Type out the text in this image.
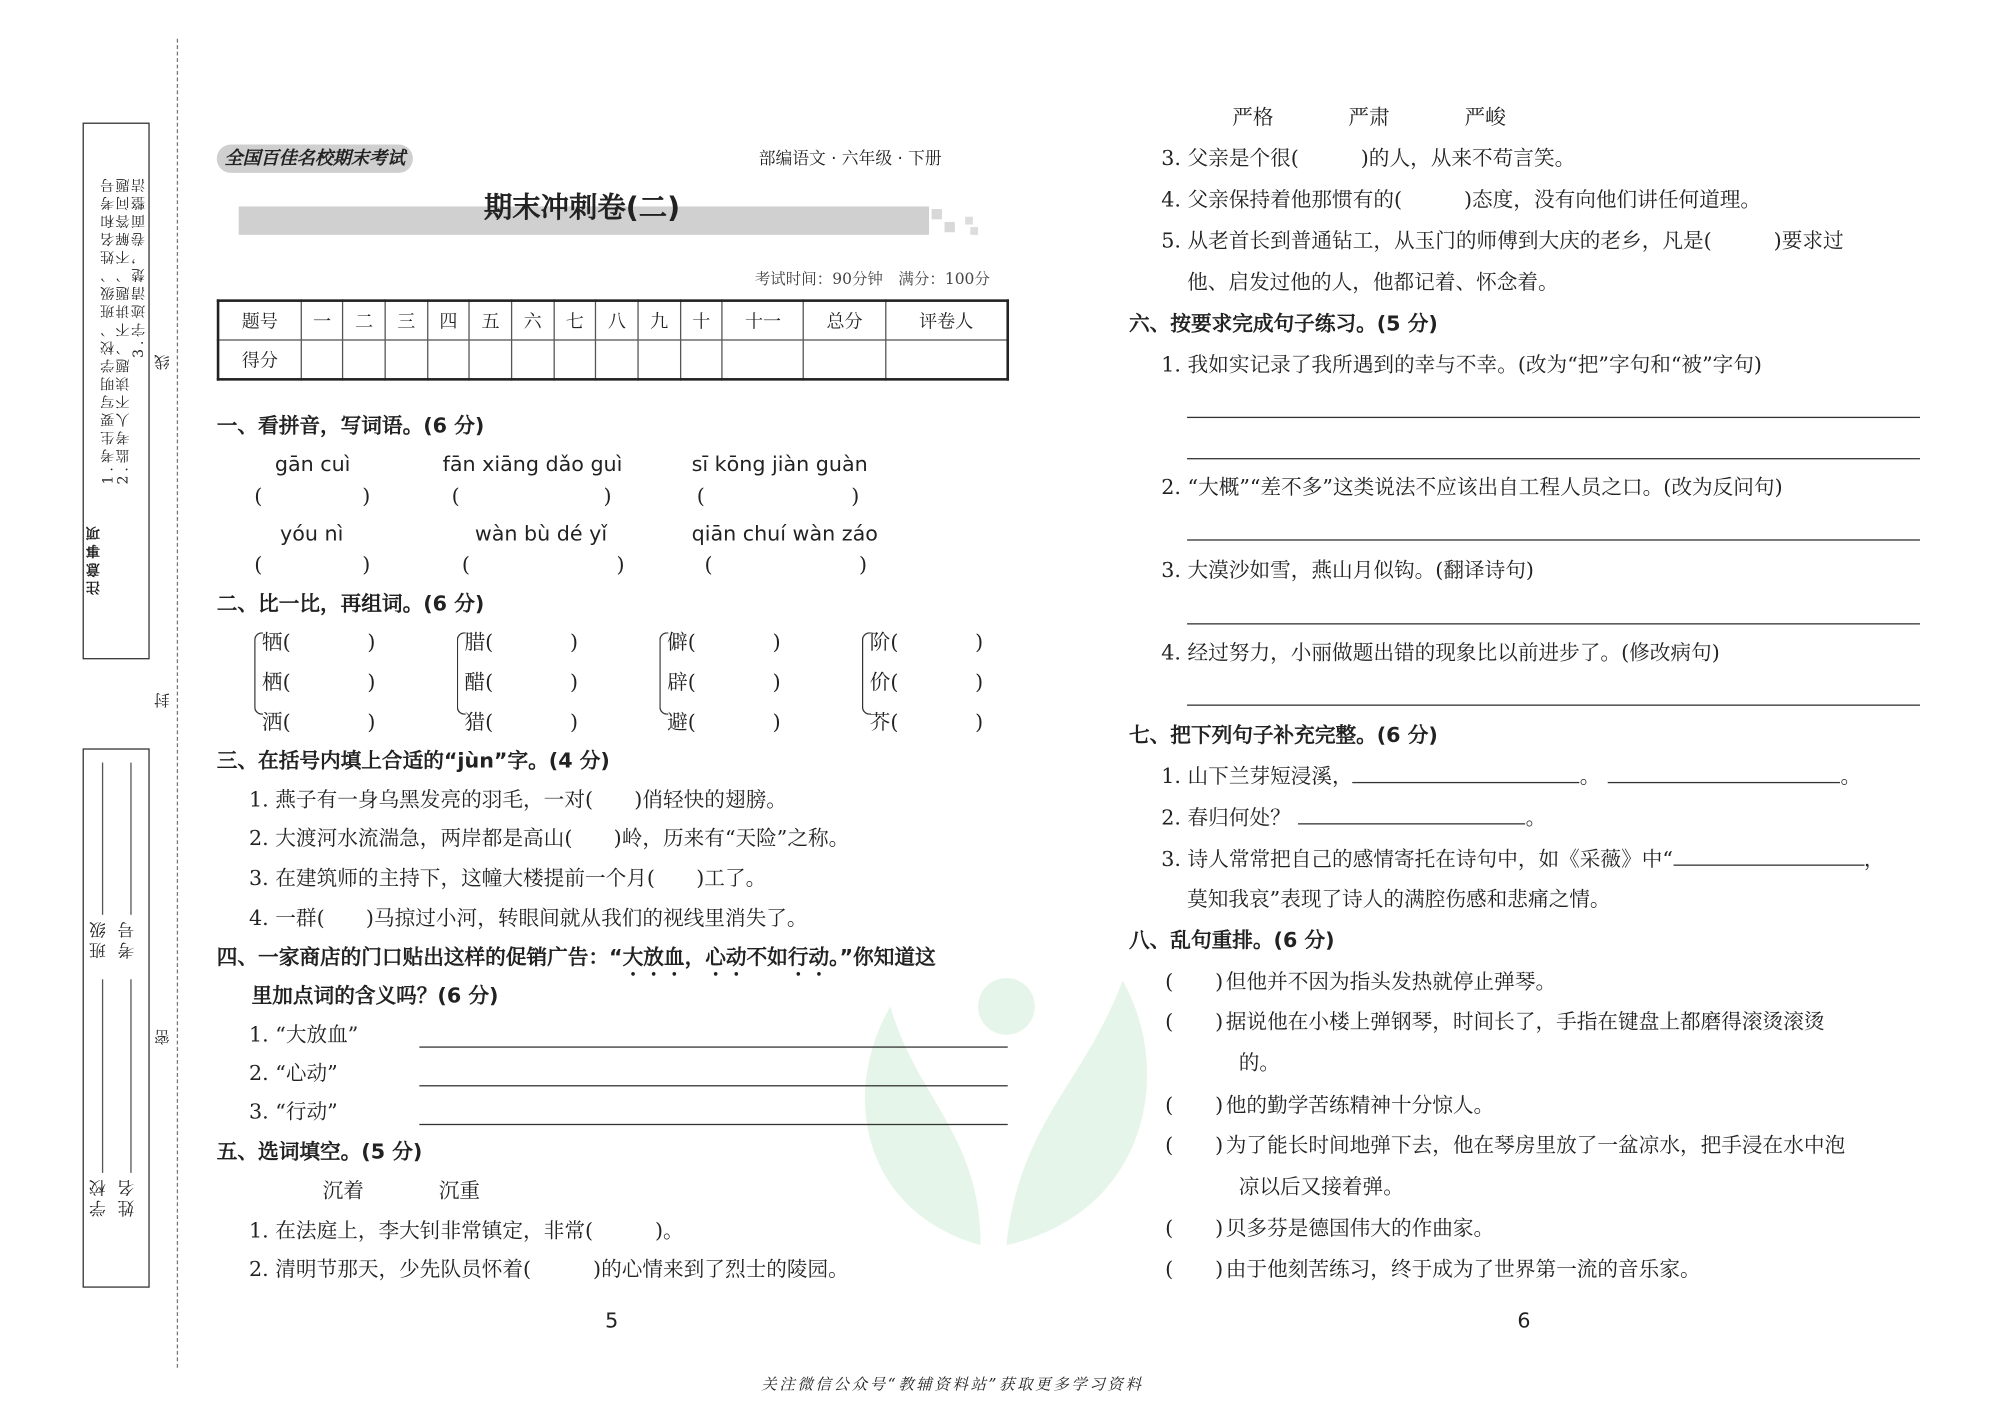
注意事项
1.考生要写明学校、班级、姓名和考号
2.监考人不读题、不讲题、不解答问题
3.字迹清楚，卷面整洁
线
封
密
学校 姓名
班级 考号
全国百佳名校期末考试	部编语文 · 六年级 · 下册
期末冲刺卷(二)
考试时间：90分钟　满分：100分
题号	一	二	三	四	五	六	七	八	九	十	十一	总分	评卷人
得分													
一、看拼音，写词语。(6 分)
gān cuì	fān xiāng dǎo guì	sī kōng jiàn guàn
yóu nì	wàn bù dé yǐ	qiān chuí wàn záo
(	)	(	)	(	)
(	)	(	)	(	)
二、比一比，再组词。(6 分)
牺(	)
栖(	)
洒(	)
腊(	)
醋(	)
猎(	)
僻(	)
辟(	)
避(	)
阶(	)
价(	)
芥(	)
三、在括号内填上合适的“jùn”字。(4 分)
1. 燕子有一身乌黑发亮的羽毛，一对(　　)俏轻快的翅膀。
2. 大渡河水流湍急，两岸都是高山(　　)岭，历来有“天险”之称。
3. 在建筑师的主持下，这幢大楼提前一个月(　　)工了。
4. 一群(　　)马掠过小河，转眼间就从我们的视线里消失了。
四、一家商店的门口贴出这样的促销广告：“大放血，心动不如行动。”你知道这
里加点词的含义吗？(6 分)
1. “大放血”
2. “心动”
3. “行动”
五、选词填空。(5 分)
沉着	沉重
1. 在法庭上，李大钊非常镇定，非常(　　　)。
2. 清明节那天，少先队员怀着(　　　)的心情来到了烈士的陵园。
5
严格	严肃	严峻
3. 父亲是个很(　　　)的人，从来不苟言笑。
4. 父亲保持着他那惯有的(　　　)态度，没有向他们讲任何道理。
5. 从老首长到普通钻工，从玉门的师傅到大庆的老乡，凡是(　　　)要求过
他、启发过他的人，他都记着、怀念着。
六、按要求完成句子练习。(5 分)
1. 我如实记录了我所遇到的幸与不幸。(改为“把”字句和“被”字句)
2. “大概”“差不多”这类说法不应该出自工程人员之口。(改为反问句)
3. 大漠沙如雪，燕山月似钩。(翻译诗句)
4. 经过努力，小丽做题出错的现象比以前进步了。(修改病句)
七、把下列句子补充完整。(6 分)
1. 山下兰芽短浸溪，	。	。
2. 春归何处？	。
3. 诗人常常把自己的感情寄托在诗句中，如《采薇》中“	，
莫知我哀”表现了诗人的满腔伤感和悲痛之情。
八、乱句重排。(6 分)
(	) 但他并不因为指头发热就停止弹琴。
(	) 据说他在小楼上弹钢琴，时间长了，手指在键盘上都磨得滚烫滚烫
的。
(	) 他的勤学苦练精神十分惊人。
(	) 为了能长时间地弹下去，他在琴房里放了一盆凉水，把手浸在水中泡
凉以后又接着弹。
(	) 贝多芬是德国伟大的作曲家。
(	) 由于他刻苦练习，终于成为了世界第一流的音乐家。
6
关注微信公众号“教辅资料站”获取更多学习资料
